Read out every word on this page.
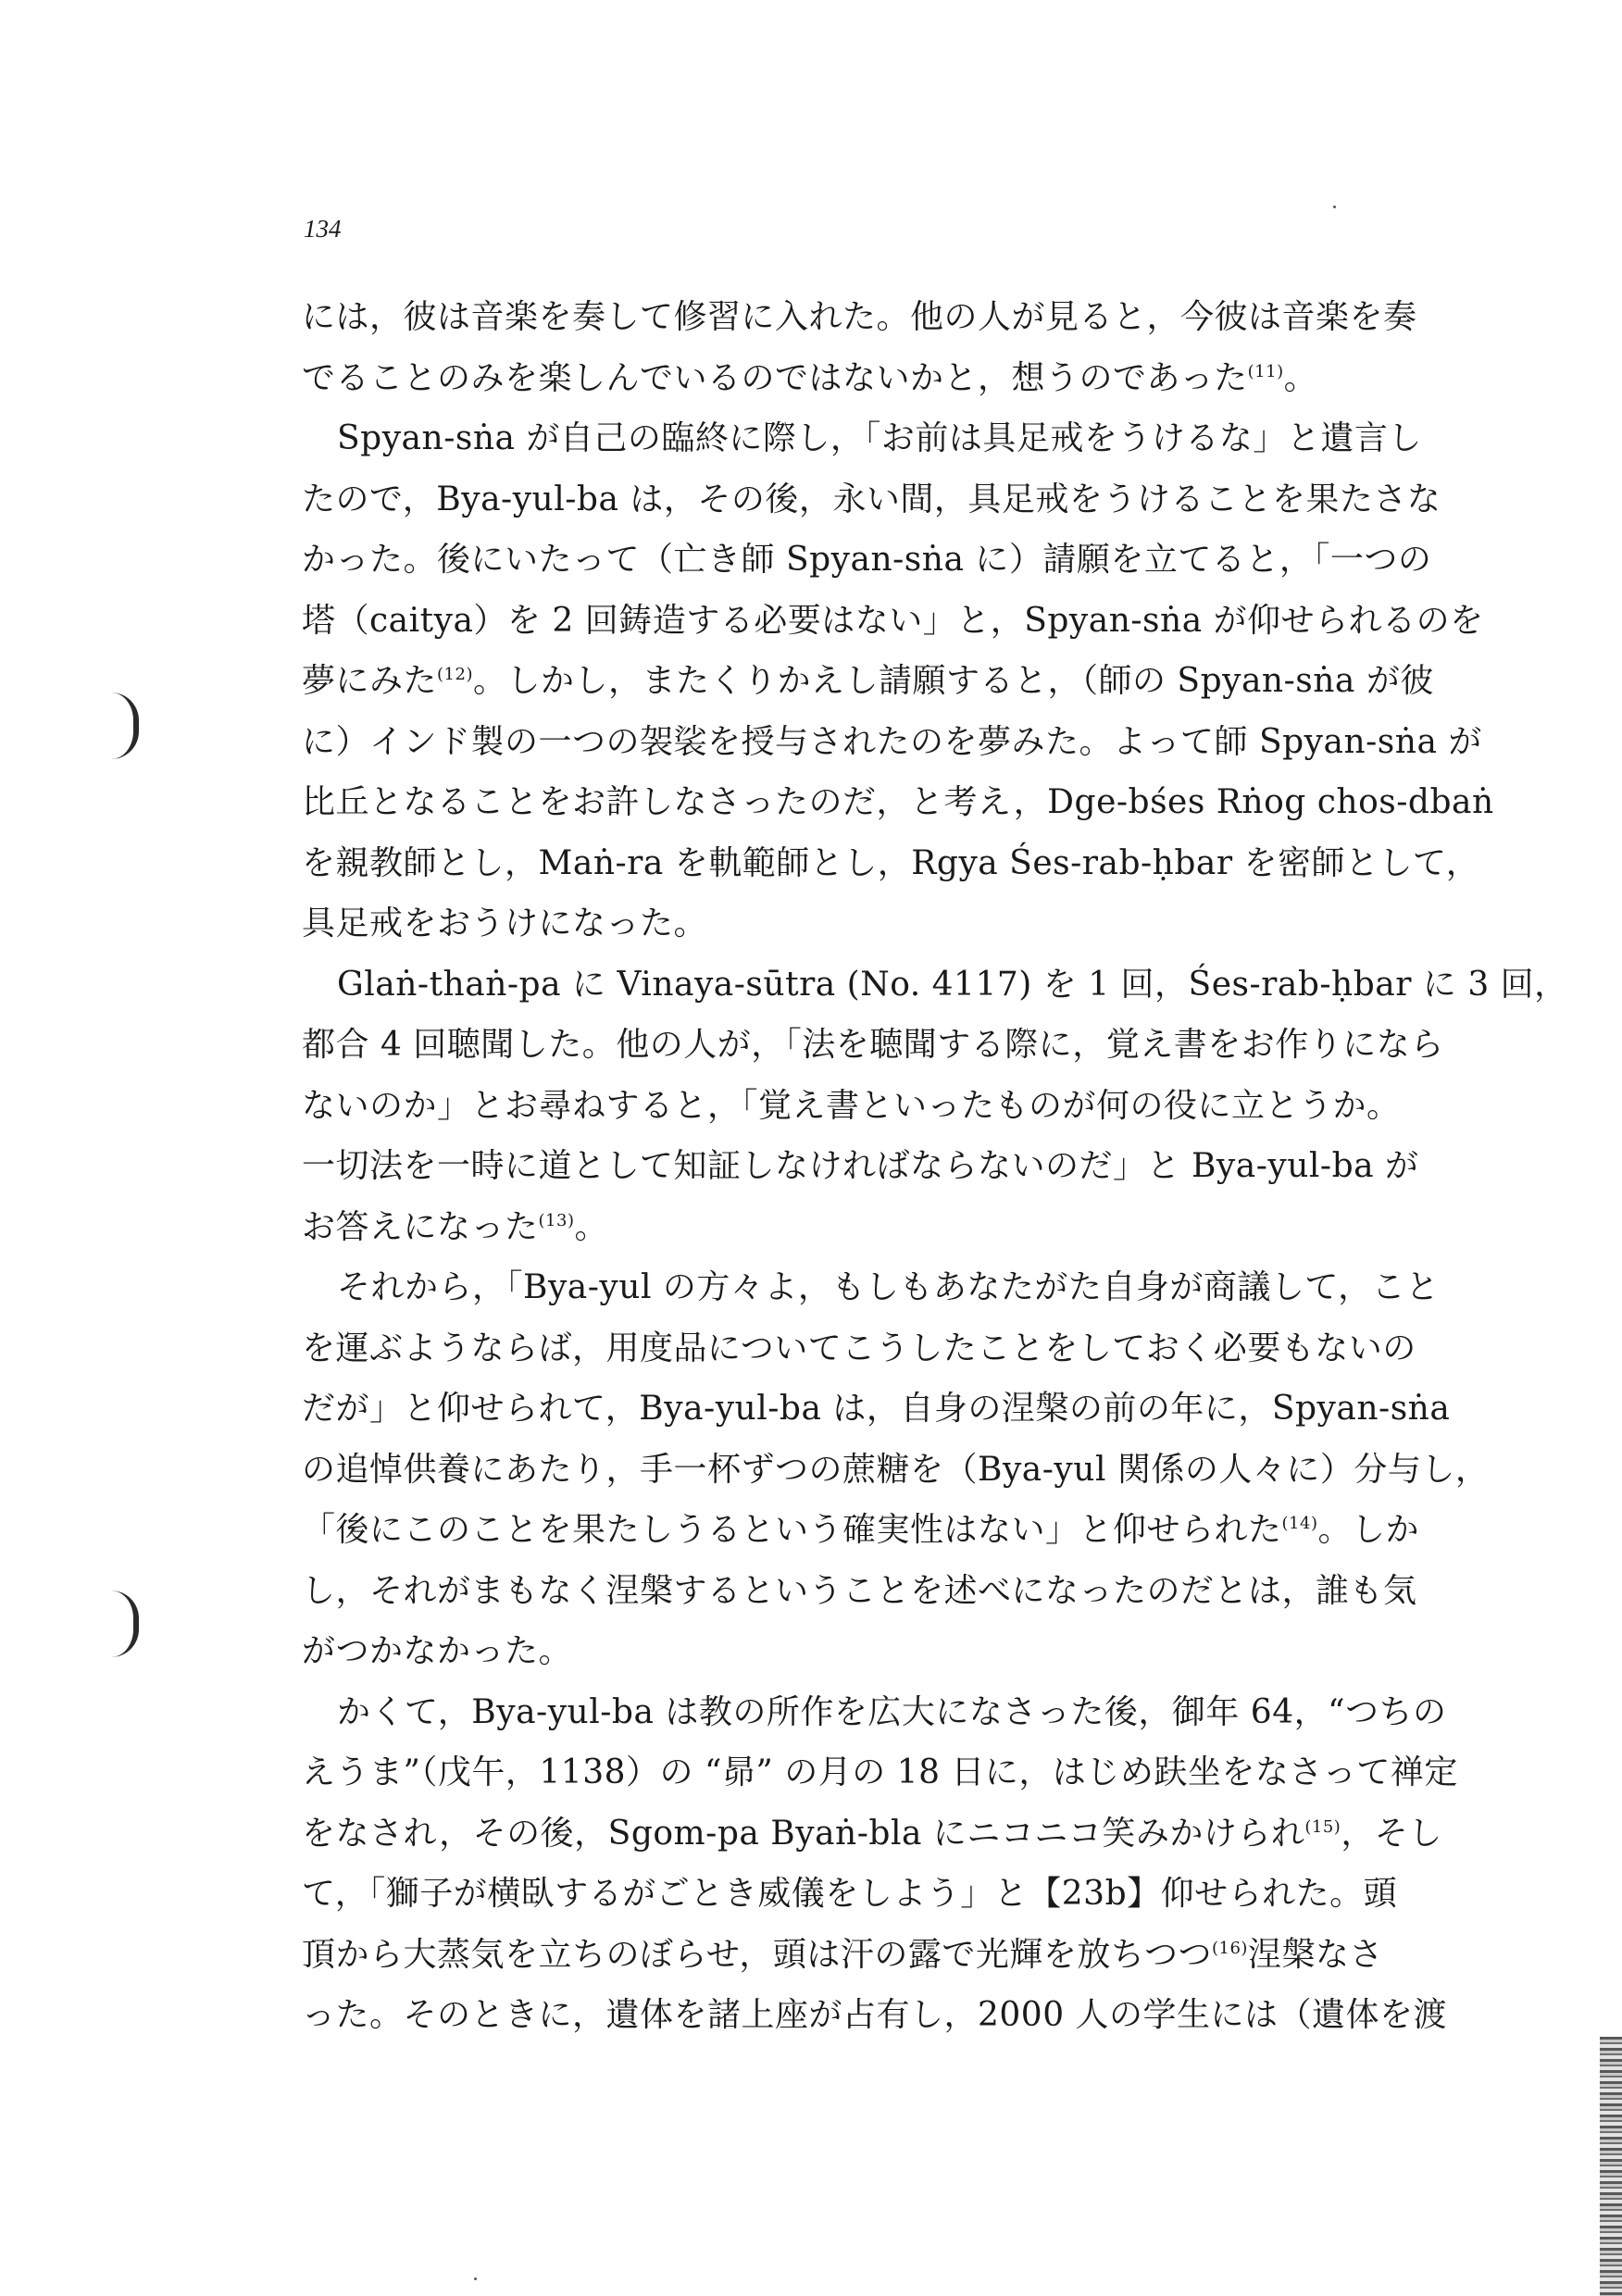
134
には，彼は音楽を奏して修習に入れた。他の人が見ると，今彼は音楽を奏
でることのみを楽しんでいるのではないかと，想うのであった$^{(11)}$。
Spyan-sṅa が自己の臨終に際し，「お前は具足戒をうけるな」と遺言し
たので，Bya-yul-ba は，その後，永い間，具足戒をうけることを果たさな
かった。後にいたって（亡き師 Spyan-sṅa に）請願を立てると，「一つの
塔（caitya）を 2 回鋳造する必要はない」と，Spyan-sṅa が仰せられるのを
夢にみた$^{(12)}$。しかし，またくりかえし請願すると，（師の Spyan-sṅa が彼
に）インド製の一つの袈裟を授与されたのを夢みた。よって師 Spyan-sṅa が
比丘となることをお許しなさったのだ，と考え，Dge-bśes Rṅog chos-dbaṅ
を親教師とし，Maṅ-ra を軌範師とし，Rgya Śes-rab-ḥbar を密師として，
具足戒をおうけになった。
Glaṅ-thaṅ-pa に Vinaya-sūtra (No. 4117) を 1 回，Śes-rab-ḥbar に 3 回，
都合 4 回聴聞した。他の人が，「法を聴聞する際に，覚え書をお作りになら
ないのか」とお尋ねすると，「覚え書といったものが何の役に立とうか。
一切法を一時に道として知証しなければならないのだ」と Bya-yul-ba が
お答えになった$^{(13)}$。
それから，「Bya-yul の方々よ，もしもあなたがた自身が商議して，こと
を運ぶようならば，用度品についてこうしたことをしておく必要もないの
だが」と仰せられて，Bya-yul-ba は，自身の涅槃の前の年に，Spyan-sṅa
の追悼供養にあたり，手一杯ずつの蔗糖を（Bya-yul 関係の人々に）分与し，
「後にこのことを果たしうるという確実性はない」と仰せられた$^{(14)}$。しか
し，それがまもなく涅槃するということを述べになったのだとは，誰も気
がつかなかった。
かくて，Bya-yul-ba は教の所作を広大になさった後，御年 64，“つちの
えうま”（戊午，1138）の “昴” の月の 18 日に，はじめ趺坐をなさって禅定
をなされ，その後，Sgom-pa Byaṅ-bla にニコニコ笑みかけられ$^{(15)}$，そし
て，「獅子が横臥するがごとき威儀をしよう」と【23b】仰せられた。頭
頂から大蒸気を立ちのぼらせ，頭は汗の露で光輝を放ちつつ$^{(16)}$涅槃なさ
った。そのときに，遺体を諸上座が占有し，2000 人の学生には（遺体を渡
